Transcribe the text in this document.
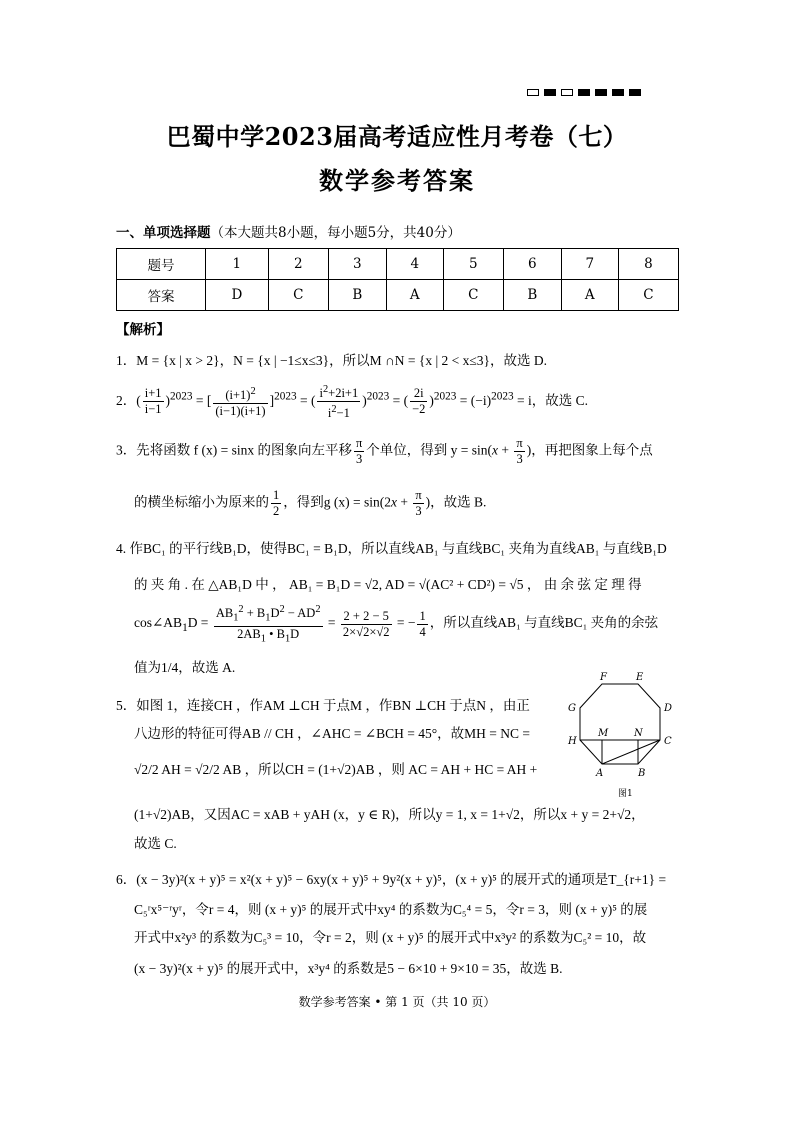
巴蜀中学2023届高考适应性月考卷（七）
数学参考答案
一、单项选择题（本大题共8小题，每小题5分，共40分）
题号	1	2	3	4	5	6	7	8
答案	D	C	B	A	C	B	A	C
【解析】
1．M = {x | x > 2}，N = {x | −1≤x≤3}，所以M ∩N = {x | 2 < x≤3}，故选 D.
2．( $\frac{i+1}{i-1} )^{2023}$ = [ $\frac{(i+1)^2}{(i-1)(i+1)} ]^{2023}$ = ( $\frac{i^2+2i+1}{i^2-1} )^{2023}$ = ( $\frac{2i}{-2} )^{2023} = (-i)^{2023} = i$，故选 C.
3．先将函数 f (x) = sinx 的图象向左平移 $\frac{\pi}{3}$ 个单位，得到 $y = \sin(x + \frac{\pi}{3}$ )，再把图象上每个点
的横坐标缩小为原来的 $\frac{1}{2}$ ，得到g $(x) = \sin(2x + \frac{\pi}{3}$ )，故选 B.
4. 作BC₁ 的平行线B₁D，使得BC₁ = B₁D，所以直线AB₁ 与直线BC₁ 夹角为直线AB₁ 与直线B₁D
的 夹 角 . 在 △AB₁D 中 ， AB₁ = B₁D = √2, AD = √(AC² + CD²) = √5 ， 由 余 弦 定 理 得
$\cos\angle AB_1D = \frac{AB_1^2 + B_1D^2 - AD^2}{2AB_1 • B_1D} = \frac{2 + 2 - 5}{2\times√2\times√2}$ = − $\frac{1}{4}$ ，所以直线AB₁ 与直线BC₁ 夹角的余弦
值为1/4，故选 A.
5．如图 1，连接CH ，作AM ⊥CH 于点M ，作BN ⊥CH 于点N ，由正
八边形的特征可得AB // CH ，∠AHC = ∠BCH = 45°，故MH = NC =
√2/2 AH = √2/2 AB ，所以CH = (1+√2)AB ，则 AC = AH + HC = AH +
(1+√2)AB，又因AC = xAB + yAH (x，y ∈ R)，所以y = 1, x = 1+√2，所以x + y = 2+√2，
故选 C.
F	E
G	D
H
M	N
C
A	B
图1
6．(x − 3y)²(x + y)⁵ = x²(x + y)⁵ − 6xy(x + y)⁵ + 9y²(x + y)⁵，(x + y)⁵ 的展开式的通项是T_{r+1} =
C₅ʳx⁵⁻ʳyʳ，令r = 4，则 (x + y)⁵ 的展开式中xy⁴ 的系数为C₅⁴ = 5，令r = 3，则 (x + y)⁵ 的展
开式中x²y³ 的系数为C₅³ = 10，令r = 2，则 (x + y)⁵ 的展开式中x³y² 的系数为C₅² = 10，故
(x − 3y)²(x + y)⁵ 的展开式中，x³y⁴ 的系数是5 − 6×10 + 9×10 = 35，故选 B.
数学参考答案 • 第 1 页（共 10 页）
